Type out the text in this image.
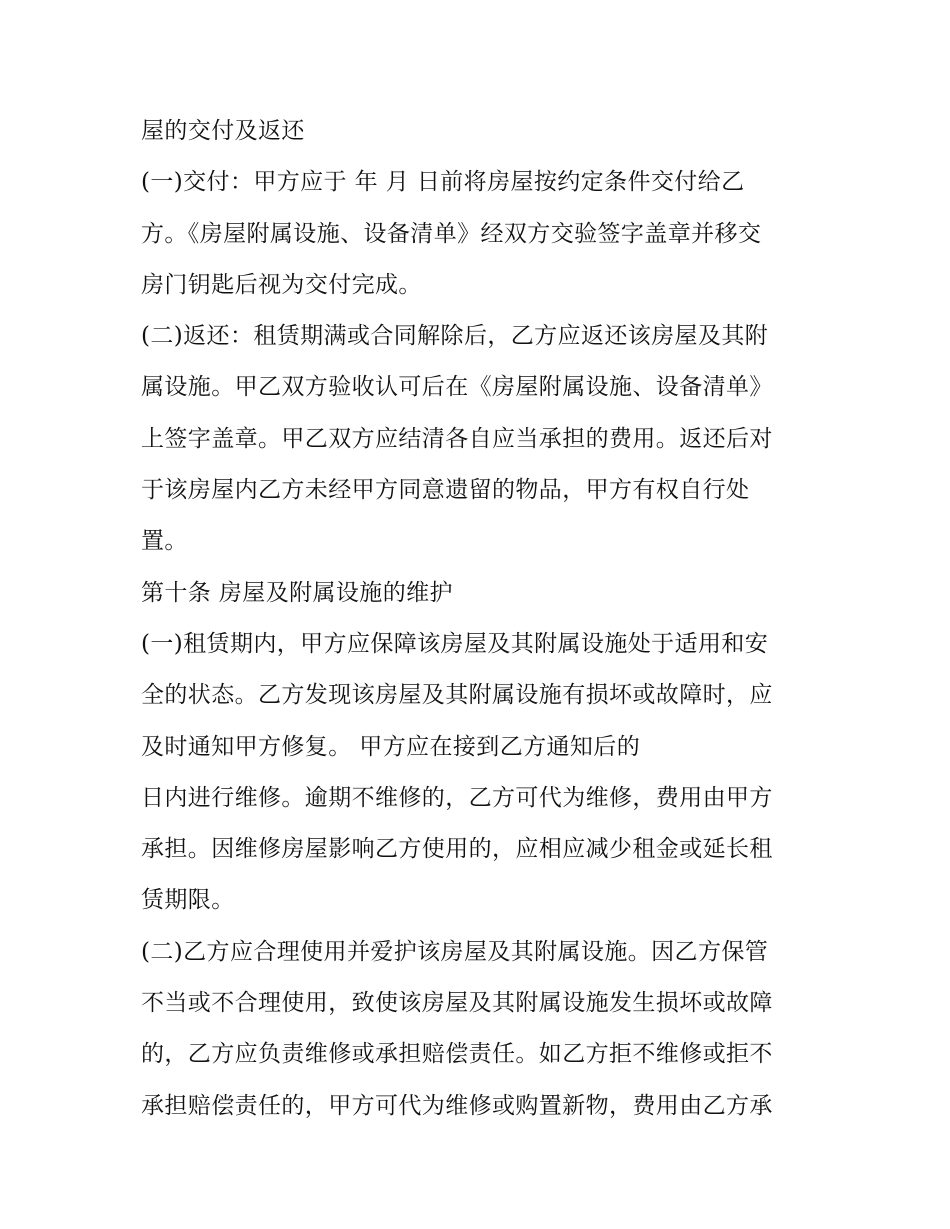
屋的交付及返还
(一)交付：甲方应于 年 月 日前将房屋按约定条件交付给乙
方。《房屋附属设施、设备清单》经双方交验签字盖章并移交
房门钥匙后视为交付完成。
(二)返还：租赁期满或合同解除后，乙方应返还该房屋及其附
属设施。甲乙双方验收认可后在《房屋附属设施、设备清单》
上签字盖章。甲乙双方应结清各自应当承担的费用。返还后对
于该房屋内乙方未经甲方同意遗留的物品，甲方有权自行处
置。
第十条 房屋及附属设施的维护
(一)租赁期内，甲方应保障该房屋及其附属设施处于适用和安
全的状态。乙方发现该房屋及其附属设施有损坏或故障时，应
及时通知甲方修复。 甲方应在接到乙方通知后的
日内进行维修。逾期不维修的，乙方可代为维修，费用由甲方
承担。因维修房屋影响乙方使用的，应相应减少租金或延长租
赁期限。
(二)乙方应合理使用并爱护该房屋及其附属设施。因乙方保管
不当或不合理使用，致使该房屋及其附属设施发生损坏或故障
的，乙方应负责维修或承担赔偿责任。如乙方拒不维修或拒不
承担赔偿责任的，甲方可代为维修或购置新物，费用由乙方承
